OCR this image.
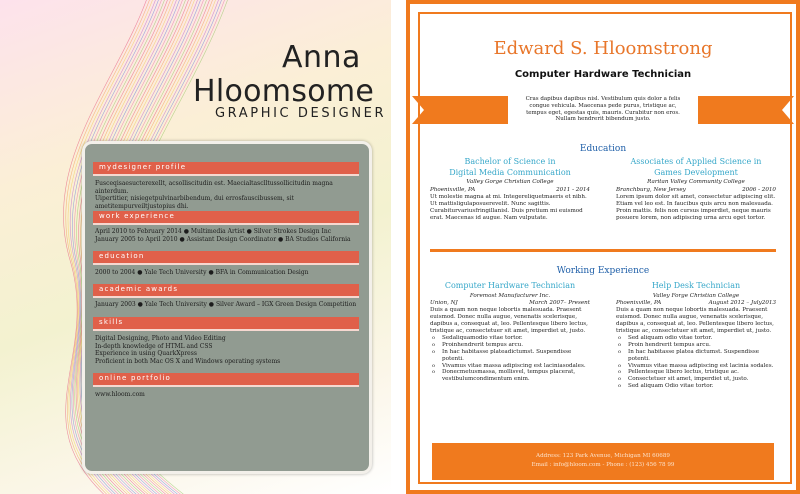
Anna
Hloomsome
GRAPHIC DESIGNER
mydesigner profile
Fusceqisaesucterexellt, acsolliscitudin est. Maecialtasclltussollicitudin magna ainterdum.
Uipertitier, nisiegetpulvinarbibendum, dui errosfauscibussem, sit
ametitempurveiltjustopius dhi.
work experience
April 2010 to February 2014 ● Multimedia Artist ● Silver Strokes Design Inc
January 2005 to April 2010 ● Assistant Design Coordinator ● BA Studios California
education
2000 to 2004 ● Yale Tech University ● BFA in Communication Design
academic awards
January 2003 ● Yale Tech University ● Silver Award – IGX Green Design Competition
skills
Digital Designing, Photo and Video Editing
In-depth knowledge of HTML and CSS
Experience in using QuarkXpress
Proficient in both Mac OS X and Windows operating systems
online portfolio
www.hloom.com
Edward S. Hloomstrong
Computer Hardware Technician
Cras dapibus dapibus nisl. Vestibulum quis dolor a felis
congue vehicula. Maecenas pede purus, tristique ac,
tempus eget, egestas quis, mauris. Curabitur non eros.
Nullam hendrerit bibendum justo.
Education
Bachelor of Science in
Digital Media Communication
Valley Gorge Christian College
Phoenixville, PA	2011 - 2014
Ut molestie magna at mi. Integereliquetmaeris et nibh. Ut mattisligulaposuerevelit. Nunc sagittis. Curabiturvariusfringillanisl. Duis pretium mi euismod erat. Maecenas id augue. Nam vulputate.
Associates of Applied Science in
Games Development
Raritan Valley Community College
Branchburg, New Jersey	2006 - 2010
Lorem ipsum dolor sit amet, consectetur adipiscing elit. Etiam vel leo est. In faucibus quis arcu non malesuada. Proin mattis. felis non cursus imperdiet, neque mauris posuere lorem, non adipiscing urna arcu eget tortor.
Working Experience
Computer Hardware Technician
Foremost Manufacturer Inc.
Union, NJ	March 2007– Present
Duis a quam non neque lobortis malesuada. Praesent euismod. Donec nulla augue, venenatis scelerisque, dapibus a, consequat at, leo. Pellentesque libero lectus, tristique ac, consectetuer sit amet, imperdiet ut, justo.
o Sedaliquamodio vitae tortor.
o Proinhendrerit tempus arcu.
o In hac habitasse plateadictumst. Suspendisse potenti.
o Vivamus vitae massa adipiscing est laciniasodales.
o Donecmetusmassa, mollisvel, tempus placerat, vestibulumcondimentum enim.
Help Desk Technician
Valley Forge Christian College
Phoenixville, PA	August 2012 – July2013
Duis a quam non neque lobortis malesuada. Praesent euismod. Donec nulla augue, venenatis scelerisque, dapibus a, consequat at, leo. Pellentesque libero lectus, tristique ac, consectetuer sit amet, imperdiet ut, justo.
o Sed aliquam odio vitae tortor.
o Proin hendrerit tempus arcu.
o In hac habitasse platea dictumst. Suspendisse potenti.
o Vivamus vitae massa adipiscing est lacinia sodales.
o Pellentesque libero lectus, tristique ac.
o Consectetuer sit amet, imperdiet ut, justo.
o Sed aliquam Odio vitae tortor.
Address: 123 Park Avenue, Michigan MI 60689
Email : info@hloom.com - Phone : (123) 456 78 99
